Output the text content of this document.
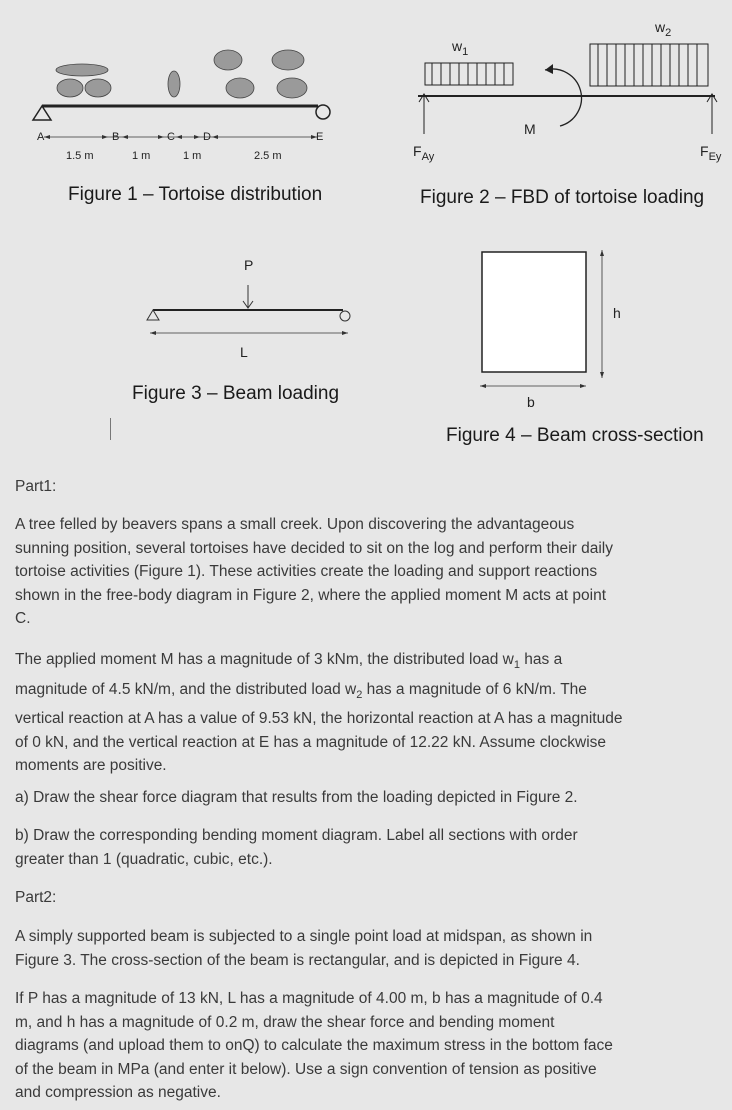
A	B	C	D	E
1.5 m	1 m	1 m	2.5 m
Figure 1 – Tortoise distribution
$w_1$
$w_2$
M
$F_{Ay}$	$F_{Ey}$
Figure 2 – FBD of tortoise loading
P
L
Figure 3 – Beam loading
h
b
Figure 4 – Beam cross-section
Part1:

A tree felled by beavers spans a small creek. Upon discovering the advantageous sunning position, several tortoises have decided to sit on the log and perform their daily tortoise activities (Figure 1). These activities create the loading and support reactions shown in the free-body diagram in Figure 2, where the applied moment M acts at point C.

The applied moment M has a magnitude of 3 kNm, the distributed load $w_1$ has a magnitude of 4.5 kN/m, and the distributed load $w_2$ has a magnitude of 6 kN/m. The vertical reaction at A has a value of 9.53 kN, the horizontal reaction at A has a magnitude of 0 kN, and the vertical reaction at E has a magnitude of 12.22 kN. Assume clockwise moments are positive.

a) Draw the shear force diagram that results from the loading depicted in Figure 2.

b) Draw the corresponding bending moment diagram. Label all sections with order greater than 1 (quadratic, cubic, etc.).

Part2:

A simply supported beam is subjected to a single point load at midspan, as shown in Figure 3. The cross-section of the beam is rectangular, and is depicted in Figure 4.

If P has a magnitude of 13 kN, L has a magnitude of 4.00 m, b has a magnitude of 0.4 m, and h has a magnitude of 0.2 m, draw the shear force and bending moment diagrams (and upload them to onQ) to calculate the maximum stress in the bottom face of the beam in MPa (and enter it below). Use a sign convention of tension as positive and compression as negative.
